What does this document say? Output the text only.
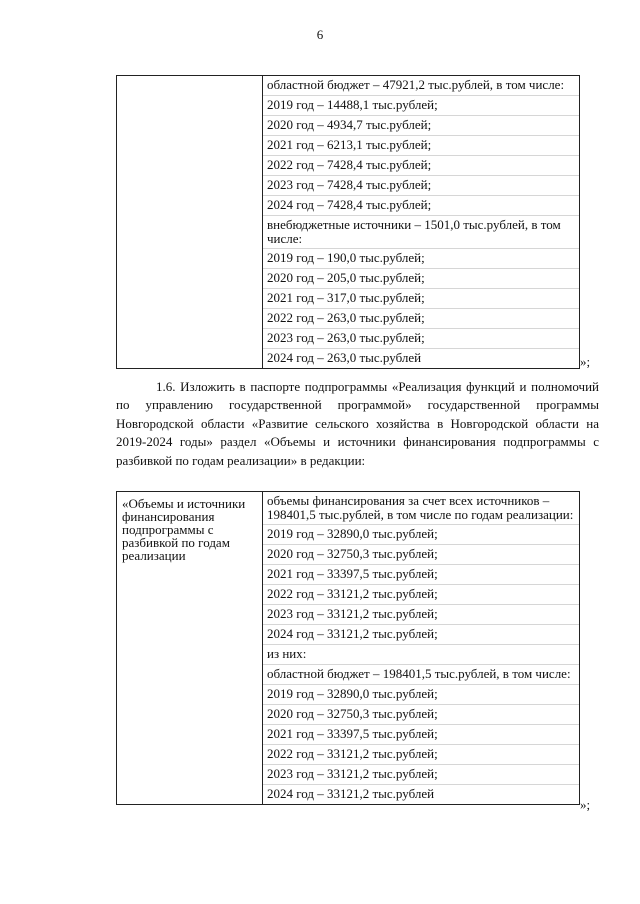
6

областной бюджет – 47921,2 тыс.рублей, в том числе:
2019 год – 14488,1 тыс.рублей;
2020 год – 4934,7 тыс.рублей;
2021 год – 6213,1 тыс.рублей;
2022 год – 7428,4 тыс.рублей;
2023 год – 7428,4 тыс.рублей;
2024 год – 7428,4 тыс.рублей;
внебюджетные источники – 1501,0 тыс.рублей, в том числе:
2019 год – 190,0 тыс.рублей;
2020 год – 205,0 тыс.рублей;
2021 год – 317,0 тыс.рублей;
2022 год – 263,0 тыс.рублей;
2023 год – 263,0 тыс.рублей;
2024 год – 263,0 тыс.рублей	»;

1.6. Изложить в паспорте подпрограммы «Реализация функций и полномочий по управлению государственной программой» государственной программы Новгородской области «Развитие сельского хозяйства в Новгородской области на 2019-2024 годы» раздел «Объемы и источники финансирования подпрограммы с разбивкой по годам реализации» в редакции:

«Объемы и источники финансирования подпрограммы с разбивкой по годам реализации

объемы финансирования за счет всех источников – 198401,5 тыс.рублей, в том числе по годам реализации:
2019 год – 32890,0 тыс.рублей;
2020 год – 32750,3 тыс.рублей;
2021 год – 33397,5 тыс.рублей;
2022 год – 33121,2 тыс.рублей;
2023 год – 33121,2 тыс.рублей;
2024 год – 33121,2 тыс.рублей;
из них:
областной бюджет – 198401,5 тыс.рублей, в том числе:
2019 год – 32890,0 тыс.рублей;
2020 год – 32750,3 тыс.рублей;
2021 год – 33397,5 тыс.рублей;
2022 год – 33121,2 тыс.рублей;
2023 год – 33121,2 тыс.рублей;
2024 год – 33121,2 тыс.рублей
»;
